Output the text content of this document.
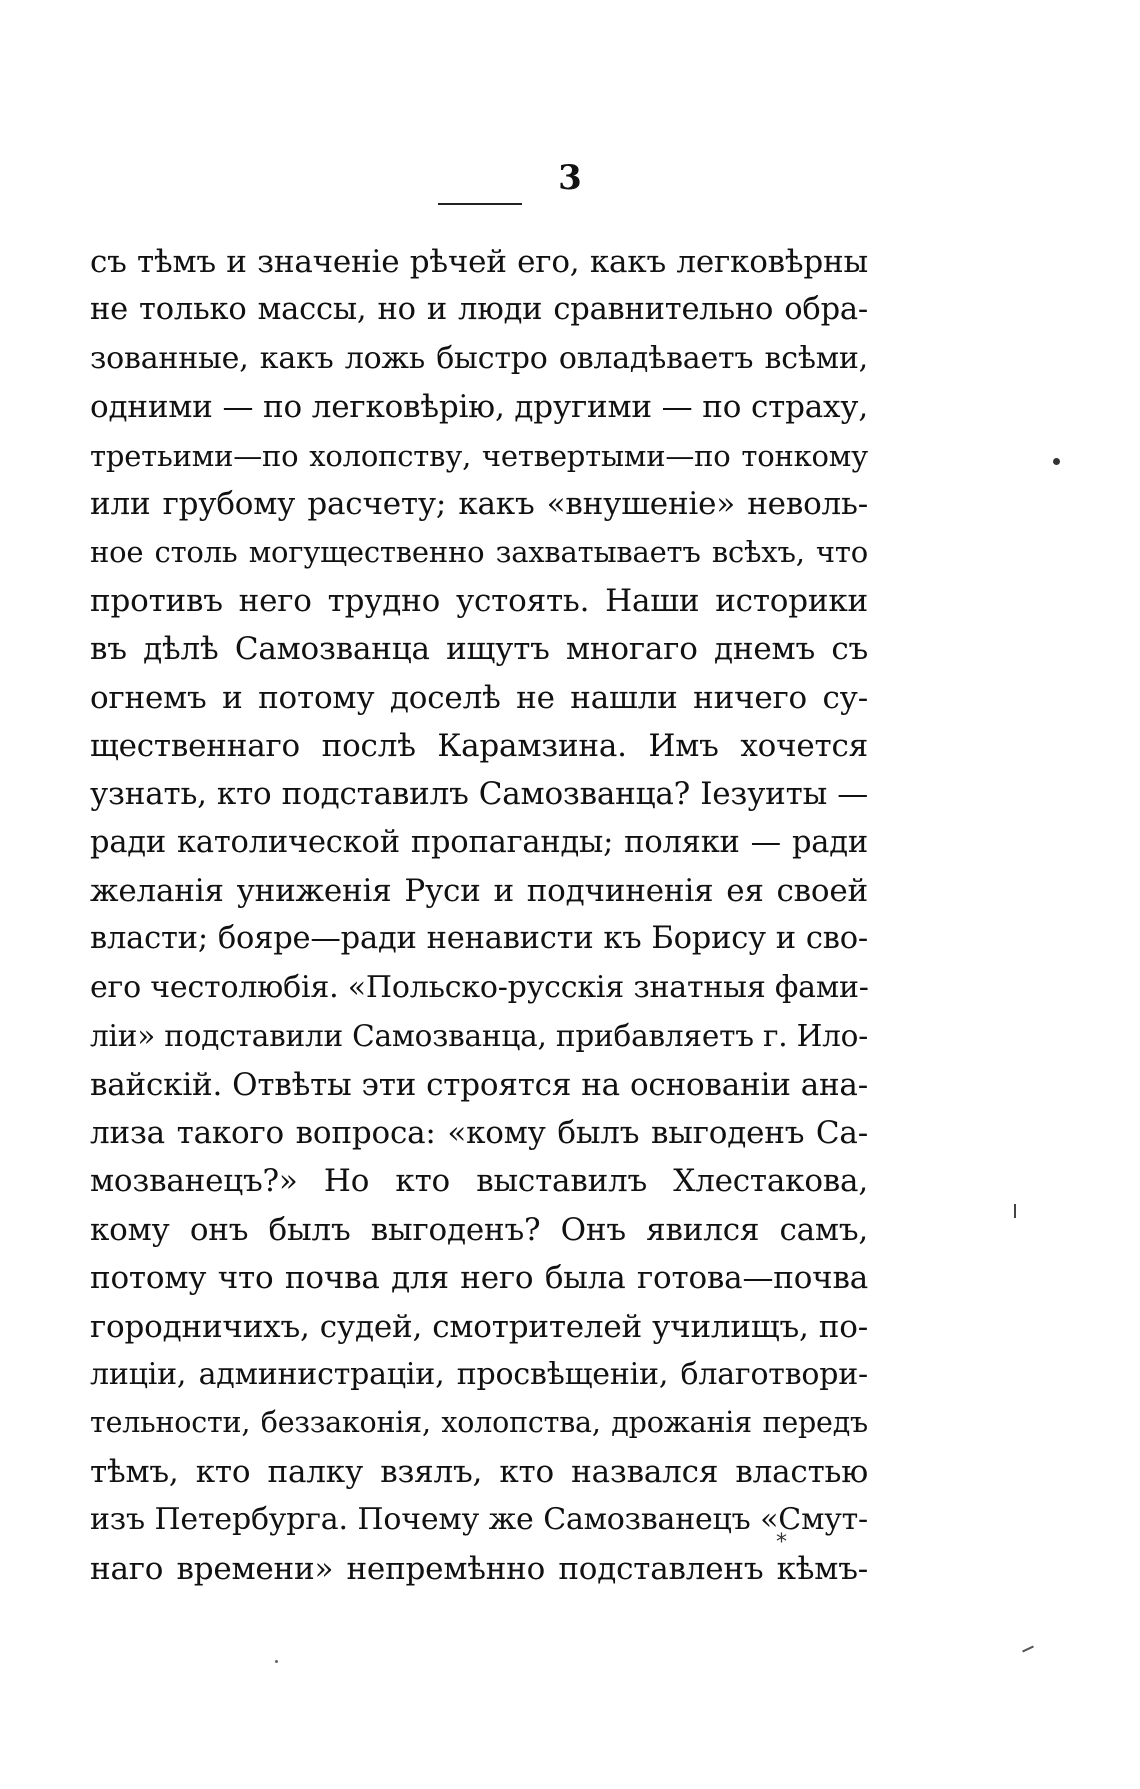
3
съ тѣмъ и значеніе рѣчей его, какъ легковѣрны
не только массы, но и люди сравнительно обра-
зованные, какъ ложь быстро овладѣваетъ всѣми,
одними — по легковѣрію, другими — по страху,
третьими—по холопству, четвертыми—по тонкому
или грубому расчету; какъ «внушеніе» неволь-
ное столь могущественно захватываетъ всѣхъ, что
противъ него трудно устоять. Наши историки
въ дѣлѣ Самозванца ищутъ многаго днемъ съ
огнемъ и потому доселѣ не нашли ничего су-
щественнаго послѣ Карамзина. Имъ хочется
узнать, кто подставилъ Самозванца? Іезуиты —
ради католической пропаганды; поляки — ради
желанія униженія Руси и подчиненія ея своей
власти; бояре—ради ненависти къ Борису и сво-
его честолюбія. «Польско-русскія знатныя фами-
ліи» подставили Самозванца, прибавляетъ г. Ило-
вайскій. Отвѣты эти строятся на основаніи ана-
лиза такого вопроса: «кому былъ выгоденъ Са-
мозванецъ?» Но кто выставилъ Хлестакова,
кому онъ былъ выгоденъ? Онъ явился самъ,
потому что почва для него была готова—почва
городничихъ, судей, смотрителей училищъ, по-
лиціи, администраціи, просвѣщеніи, благотвори-
тельности, беззаконія, холопства, дрожанія передъ
тѣмъ, кто палку взялъ, кто назвался властью
изъ Петербурга. Почему же Самозванецъ «Смут-
наго времени» непремѣнно подставленъ кѣмъ-
*
